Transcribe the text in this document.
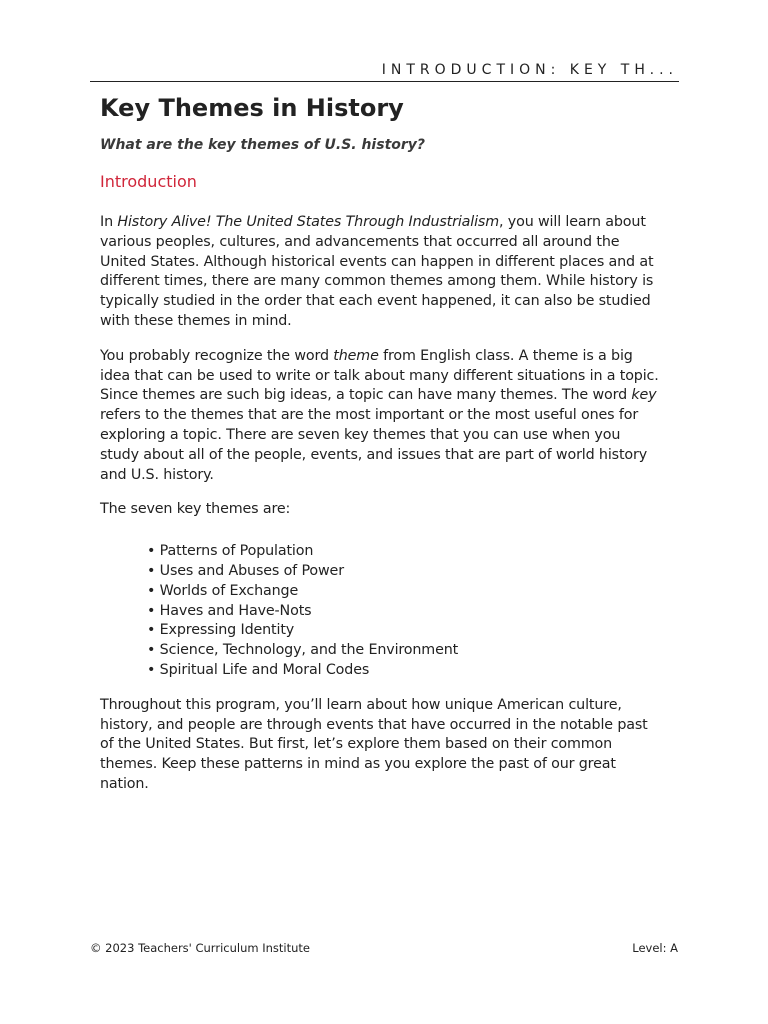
INTRODUCTION: KEY TH...
Key Themes in History
What are the key themes of U.S. history?
Introduction

In History Alive! The United States Through Industrialism, you will learn about various peoples, cultures, and advancements that occurred all around the United States. Although historical events can happen in different places and at different times, there are many common themes among them. While history is typically studied in the order that each event happened, it can also be studied with these themes in mind.

You probably recognize the word theme from English class. A theme is a big idea that can be used to write or talk about many different situations in a topic. Since themes are such big ideas, a topic can have many themes. The word key refers to the themes that are the most important or the most useful ones for exploring a topic. There are seven key themes that you can use when you study about all of the people, events, and issues that are part of world history and U.S. history.

The seven key themes are:

• Patterns of Population
• Uses and Abuses of Power
• Worlds of Exchange
• Haves and Have-Nots
• Expressing Identity
• Science, Technology, and the Environment
• Spiritual Life and Moral Codes

Throughout this program, you’ll learn about how unique American culture, history, and people are through events that have occurred in the notable past of the United States. But first, let’s explore them based on their common themes. Keep these patterns in mind as you explore the past of our great nation.

© 2023 Teachers' Curriculum Institute	Level: A
